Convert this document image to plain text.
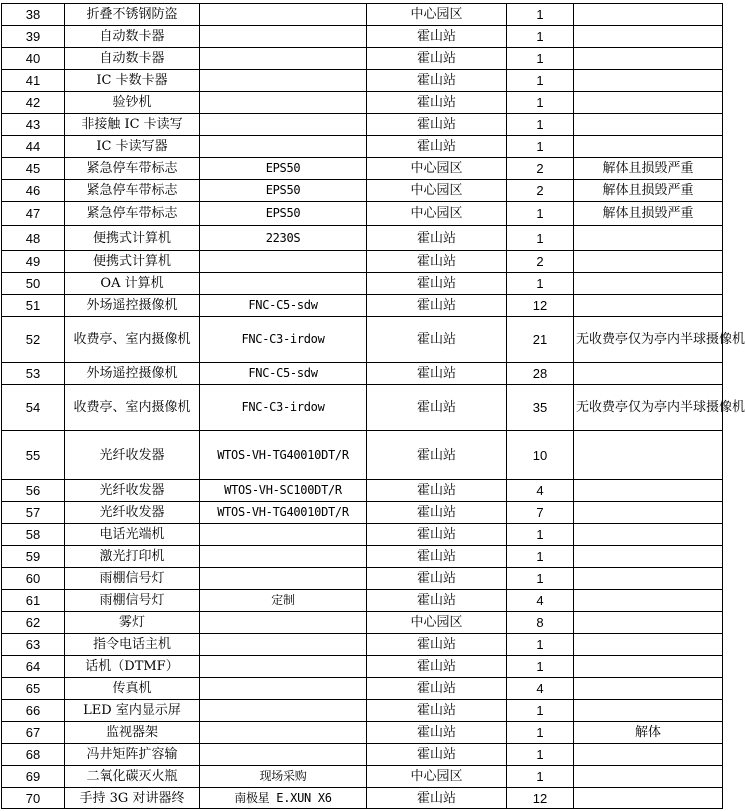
38	折叠不锈钢防盗		中心园区	1	
39	自动数卡器		霍山站	1	
40	自动数卡器		霍山站	1	
41	IC 卡数卡器		霍山站	1	
42	验钞机		霍山站	1	
43	非接触 IC 卡读写		霍山站	1	
44	IC 卡读写器		霍山站	1	
45	紧急停车带标志	EPS50	中心园区	2	解体且损毁严重
46	紧急停车带标志	EPS50	中心园区	2	解体且损毁严重
47	紧急停车带标志	EPS50	中心园区	1	解体且损毁严重
48	便携式计算机	2230S	霍山站	1	
49	便携式计算机		霍山站	2	
50	OA 计算机		霍山站	1	
51	外场遥控摄像机	FNC-C5-sdw	霍山站	12	
52	收费亭、室内摄像机	FNC-C3-irdow	霍山站	21	无收费亭仅为亭内半球摄像机
53	外场遥控摄像机	FNC-C5-sdw	霍山站	28	
54	收费亭、室内摄像机	FNC-C3-irdow	霍山站	35	无收费亭仅为亭内半球摄像机
55	光纤收发器	WTOS-VH-TG40010DT/R	霍山站	10	
56	光纤收发器	WTOS-VH-SC100DT/R	霍山站	4	
57	光纤收发器	WTOS-VH-TG40010DT/R	霍山站	7	
58	电话光端机		霍山站	1	
59	激光打印机		霍山站	1	
60	雨棚信号灯		霍山站	1	
61	雨棚信号灯	定制	霍山站	4	
62	雾灯		中心园区	8	
63	指令电话主机		霍山站	1	
64	话机（DTMF）		霍山站	1	
65	传真机		霍山站	4	
66	LED 室内显示屏		霍山站	1	
67	监视器架		霍山站	1	解体
68	冯井矩阵扩容输		霍山站	1	
69	二氧化碳灭火瓶	现场采购	中心园区	1	
70	手持 3G 对讲器终	南极星 E.XUN X6	霍山站	12	
